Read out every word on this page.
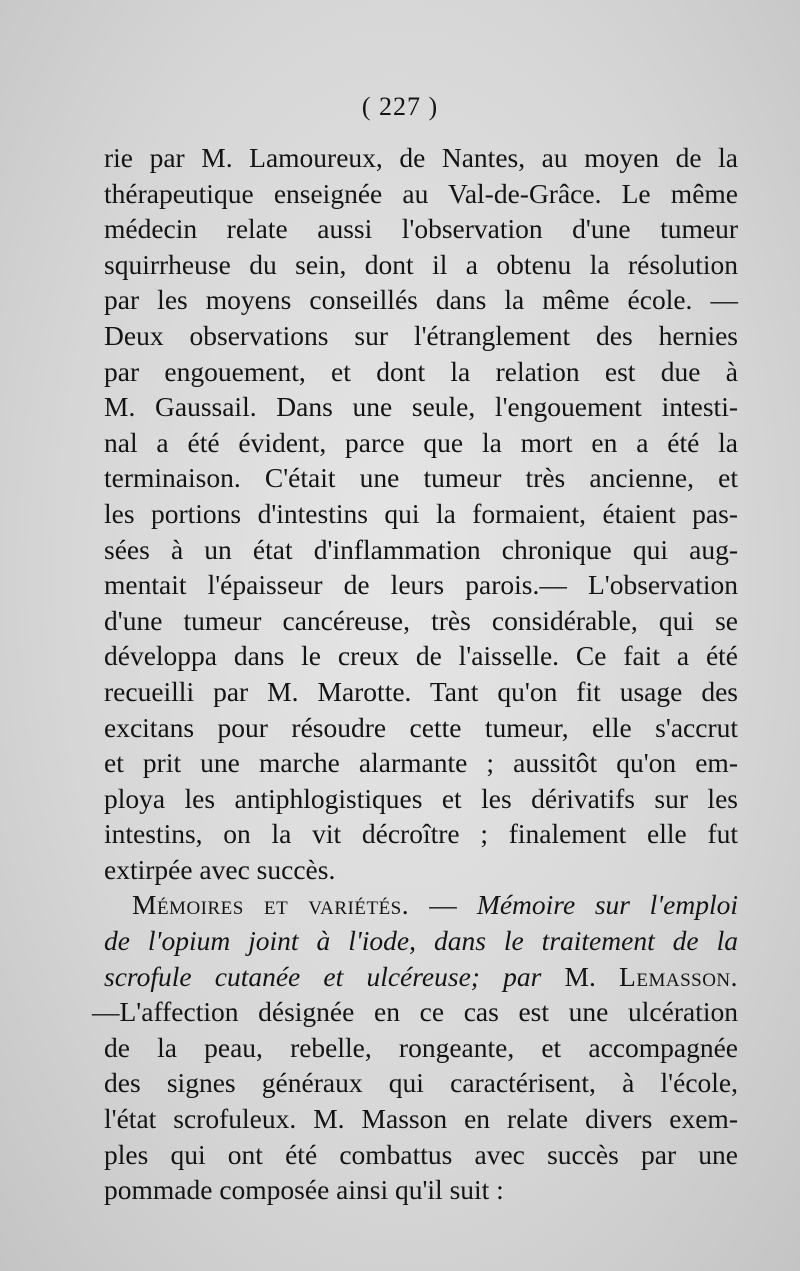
( 227 )
rie par M. Lamoureux, de Nantes, au moyen de la
thérapeutique enseignée au Val-de-Grâce. Le même
médecin relate aussi l'observation d'une tumeur
squirrheuse du sein, dont il a obtenu la résolution
par les moyens conseillés dans la même école. —
Deux observations sur l'étranglement des hernies
par engouement, et dont la relation est due à
M. Gaussail. Dans une seule, l'engouement intesti-
nal a été évident, parce que la mort en a été la
terminaison. C'était une tumeur très ancienne, et
les portions d'intestins qui la formaient, étaient pas-
sées à un état d'inflammation chronique qui aug-
mentait l'épaisseur de leurs parois.— L'observation
d'une tumeur cancéreuse, très considérable, qui se
développa dans le creux de l'aisselle. Ce fait a été
recueilli par M. Marotte. Tant qu'on fit usage des
excitans pour résoudre cette tumeur, elle s'accrut
et prit une marche alarmante ; aussitôt qu'on em-
ploya les antiphlogistiques et les dérivatifs sur les
intestins, on la vit décroître ; finalement elle fut
extirpée avec succès.
Mémoires et variétés. — Mémoire sur l'emploi
de l'opium joint à l'iode, dans le traitement de la
scrofule cutanée et ulcéreuse; par M. Lemasson.
—L'affection désignée en ce cas est une ulcération
de la peau, rebelle, rongeante, et accompagnée
des signes généraux qui caractérisent, à l'école,
l'état scrofuleux. M. Masson en relate divers exem-
ples qui ont été combattus avec succès par une
pommade composée ainsi qu'il suit :
